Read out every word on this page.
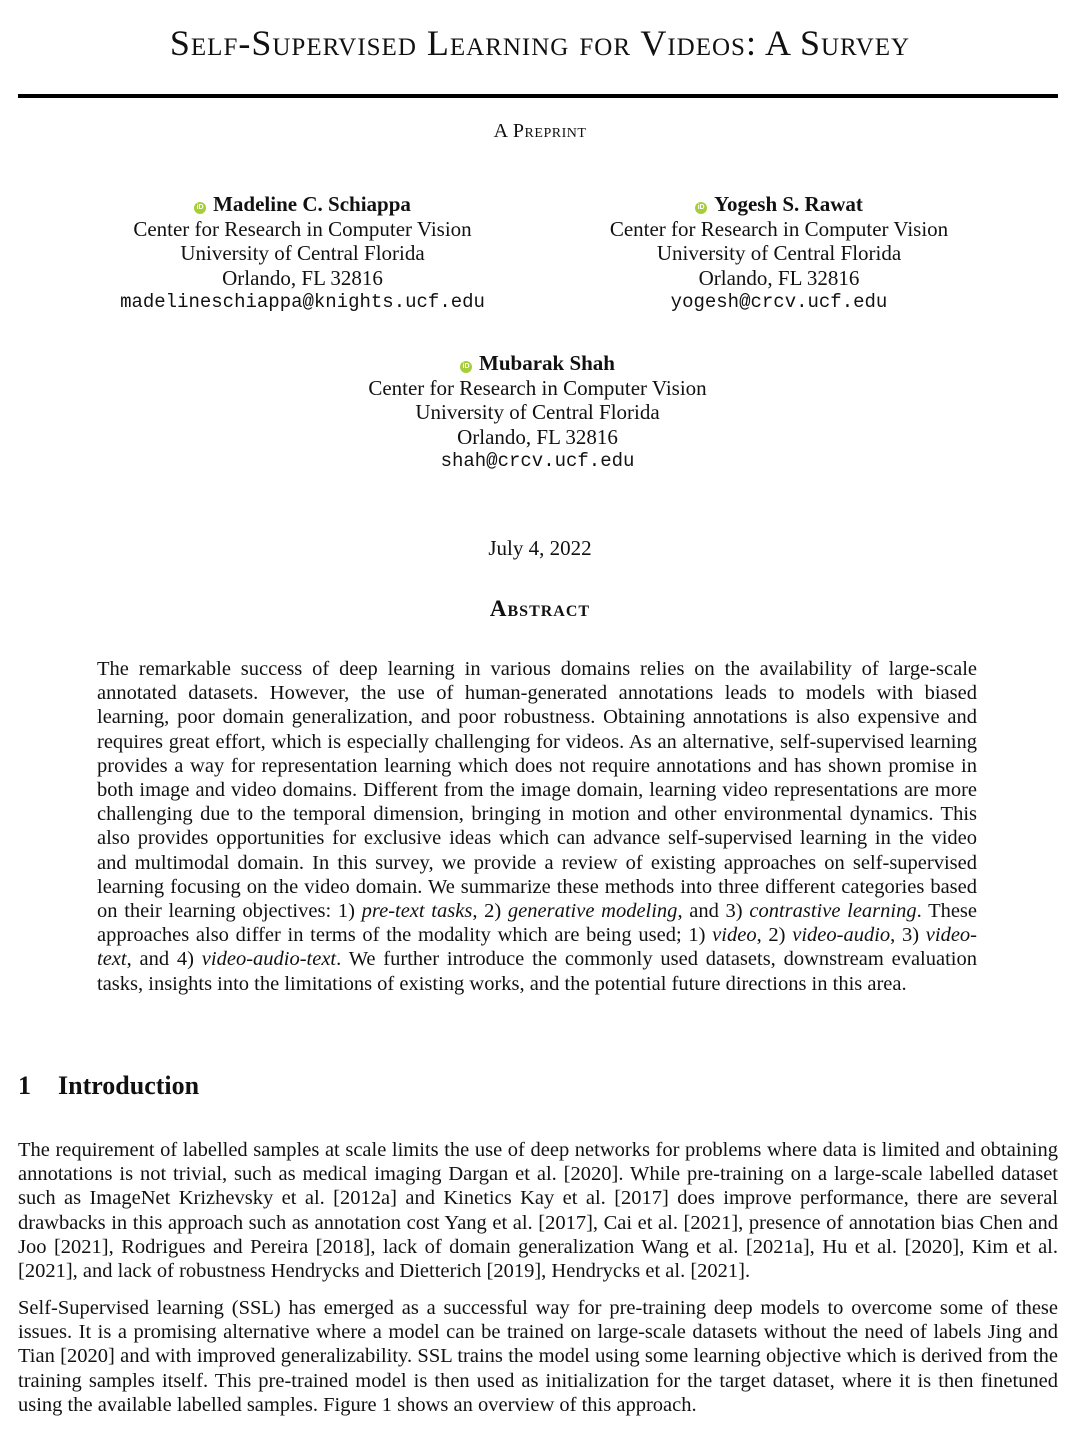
Self-Supervised Learning for Videos: A Survey
A Preprint
iD Madeline C. Schiappa
Center for Research in Computer Vision
University of Central Florida
Orlando, FL 32816
madelineschiappa@knights.ucf.edu
iD Yogesh S. Rawat
Center for Research in Computer Vision
University of Central Florida
Orlando, FL 32816
yogesh@crcv.ucf.edu
iD Mubarak Shah
Center for Research in Computer Vision
University of Central Florida
Orlando, FL 32816
shah@crcv.ucf.edu
July 4, 2022
Abstract

The remarkable success of deep learning in various domains relies on the availability of large-scale annotated datasets. However, the use of human-generated annotations leads to models with biased learning, poor domain generalization, and poor robustness. Obtaining annotations is also expensive and requires great effort, which is especially challenging for videos. As an alternative, self-supervised learning provides a way for representation learning which does not require annotations and has shown promise in both image and video domains. Different from the image domain, learning video representations are more challenging due to the temporal dimension, bringing in motion and other environmental dynamics. This also provides opportunities for exclusive ideas which can advance self-supervised learning in the video and multimodal domain. In this survey, we provide a review of existing approaches on self-supervised learning focusing on the video domain. We summarize these methods into three different categories based on their learning objectives: 1) pre-text tasks, 2) generative modeling, and 3) contrastive learning. These approaches also differ in terms of the modality which are being used; 1) video, 2) video-audio, 3) video-text, and 4) video-audio-text. We further introduce the commonly used datasets, downstream evaluation tasks, insights into the limitations of existing works, and the potential future directions in this area.

1 Introduction

The requirement of labelled samples at scale limits the use of deep networks for problems where data is limited and obtaining annotations is not trivial, such as medical imaging Dargan et al. [2020]. While pre-training on a large-scale labelled dataset such as ImageNet Krizhevsky et al. [2012a] and Kinetics Kay et al. [2017] does improve performance, there are several drawbacks in this approach such as annotation cost Yang et al. [2017], Cai et al. [2021], presence of annotation bias Chen and Joo [2021], Rodrigues and Pereira [2018], lack of domain generalization Wang et al. [2021a], Hu et al. [2020], Kim et al. [2021], and lack of robustness Hendrycks and Dietterich [2019], Hendrycks et al. [2021].

Self-Supervised learning (SSL) has emerged as a successful way for pre-training deep models to overcome some of these issues. It is a promising alternative where a model can be trained on large-scale datasets without the need of labels Jing and Tian [2020] and with improved generalizability. SSL trains the model using some learning objective which is derived from the training samples itself. This pre-trained model is then used as initialization for the target dataset, where it is then finetuned using the available labelled samples. Figure 1 shows an overview of this approach.
